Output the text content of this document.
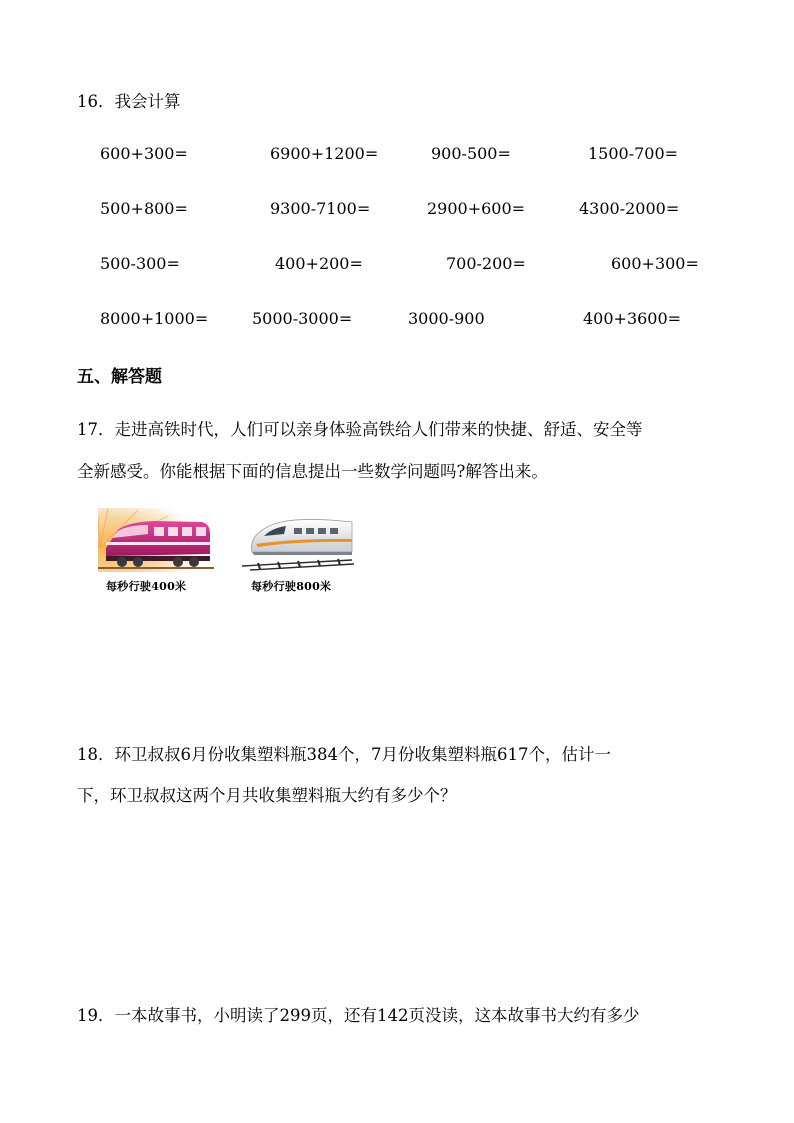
16．我会计算
600+300=	6900+1200=	900-500=	1500-700=
500+800=	9300-7100=	2900+600=	4300-2000=
500-300=	400+200=	700-200=	600+300=
8000+1000=	5000-3000=	3000-900	400+3600=
五、解答题
17．走进高铁时代，人们可以亲身体验高铁给人们带来的快捷、舒适、安全等
全新感受。你能根据下面的信息提出一些数学问题吗?解答出来。
每秒行驶400米	每秒行驶800米
18．环卫叔叔6月份收集塑料瓶384个，7月份收集塑料瓶617个，估计一
下，环卫叔叔这两个月共收集塑料瓶大约有多少个？
19．一本故事书，小明读了299页，还有142页没读，这本故事书大约有多少
